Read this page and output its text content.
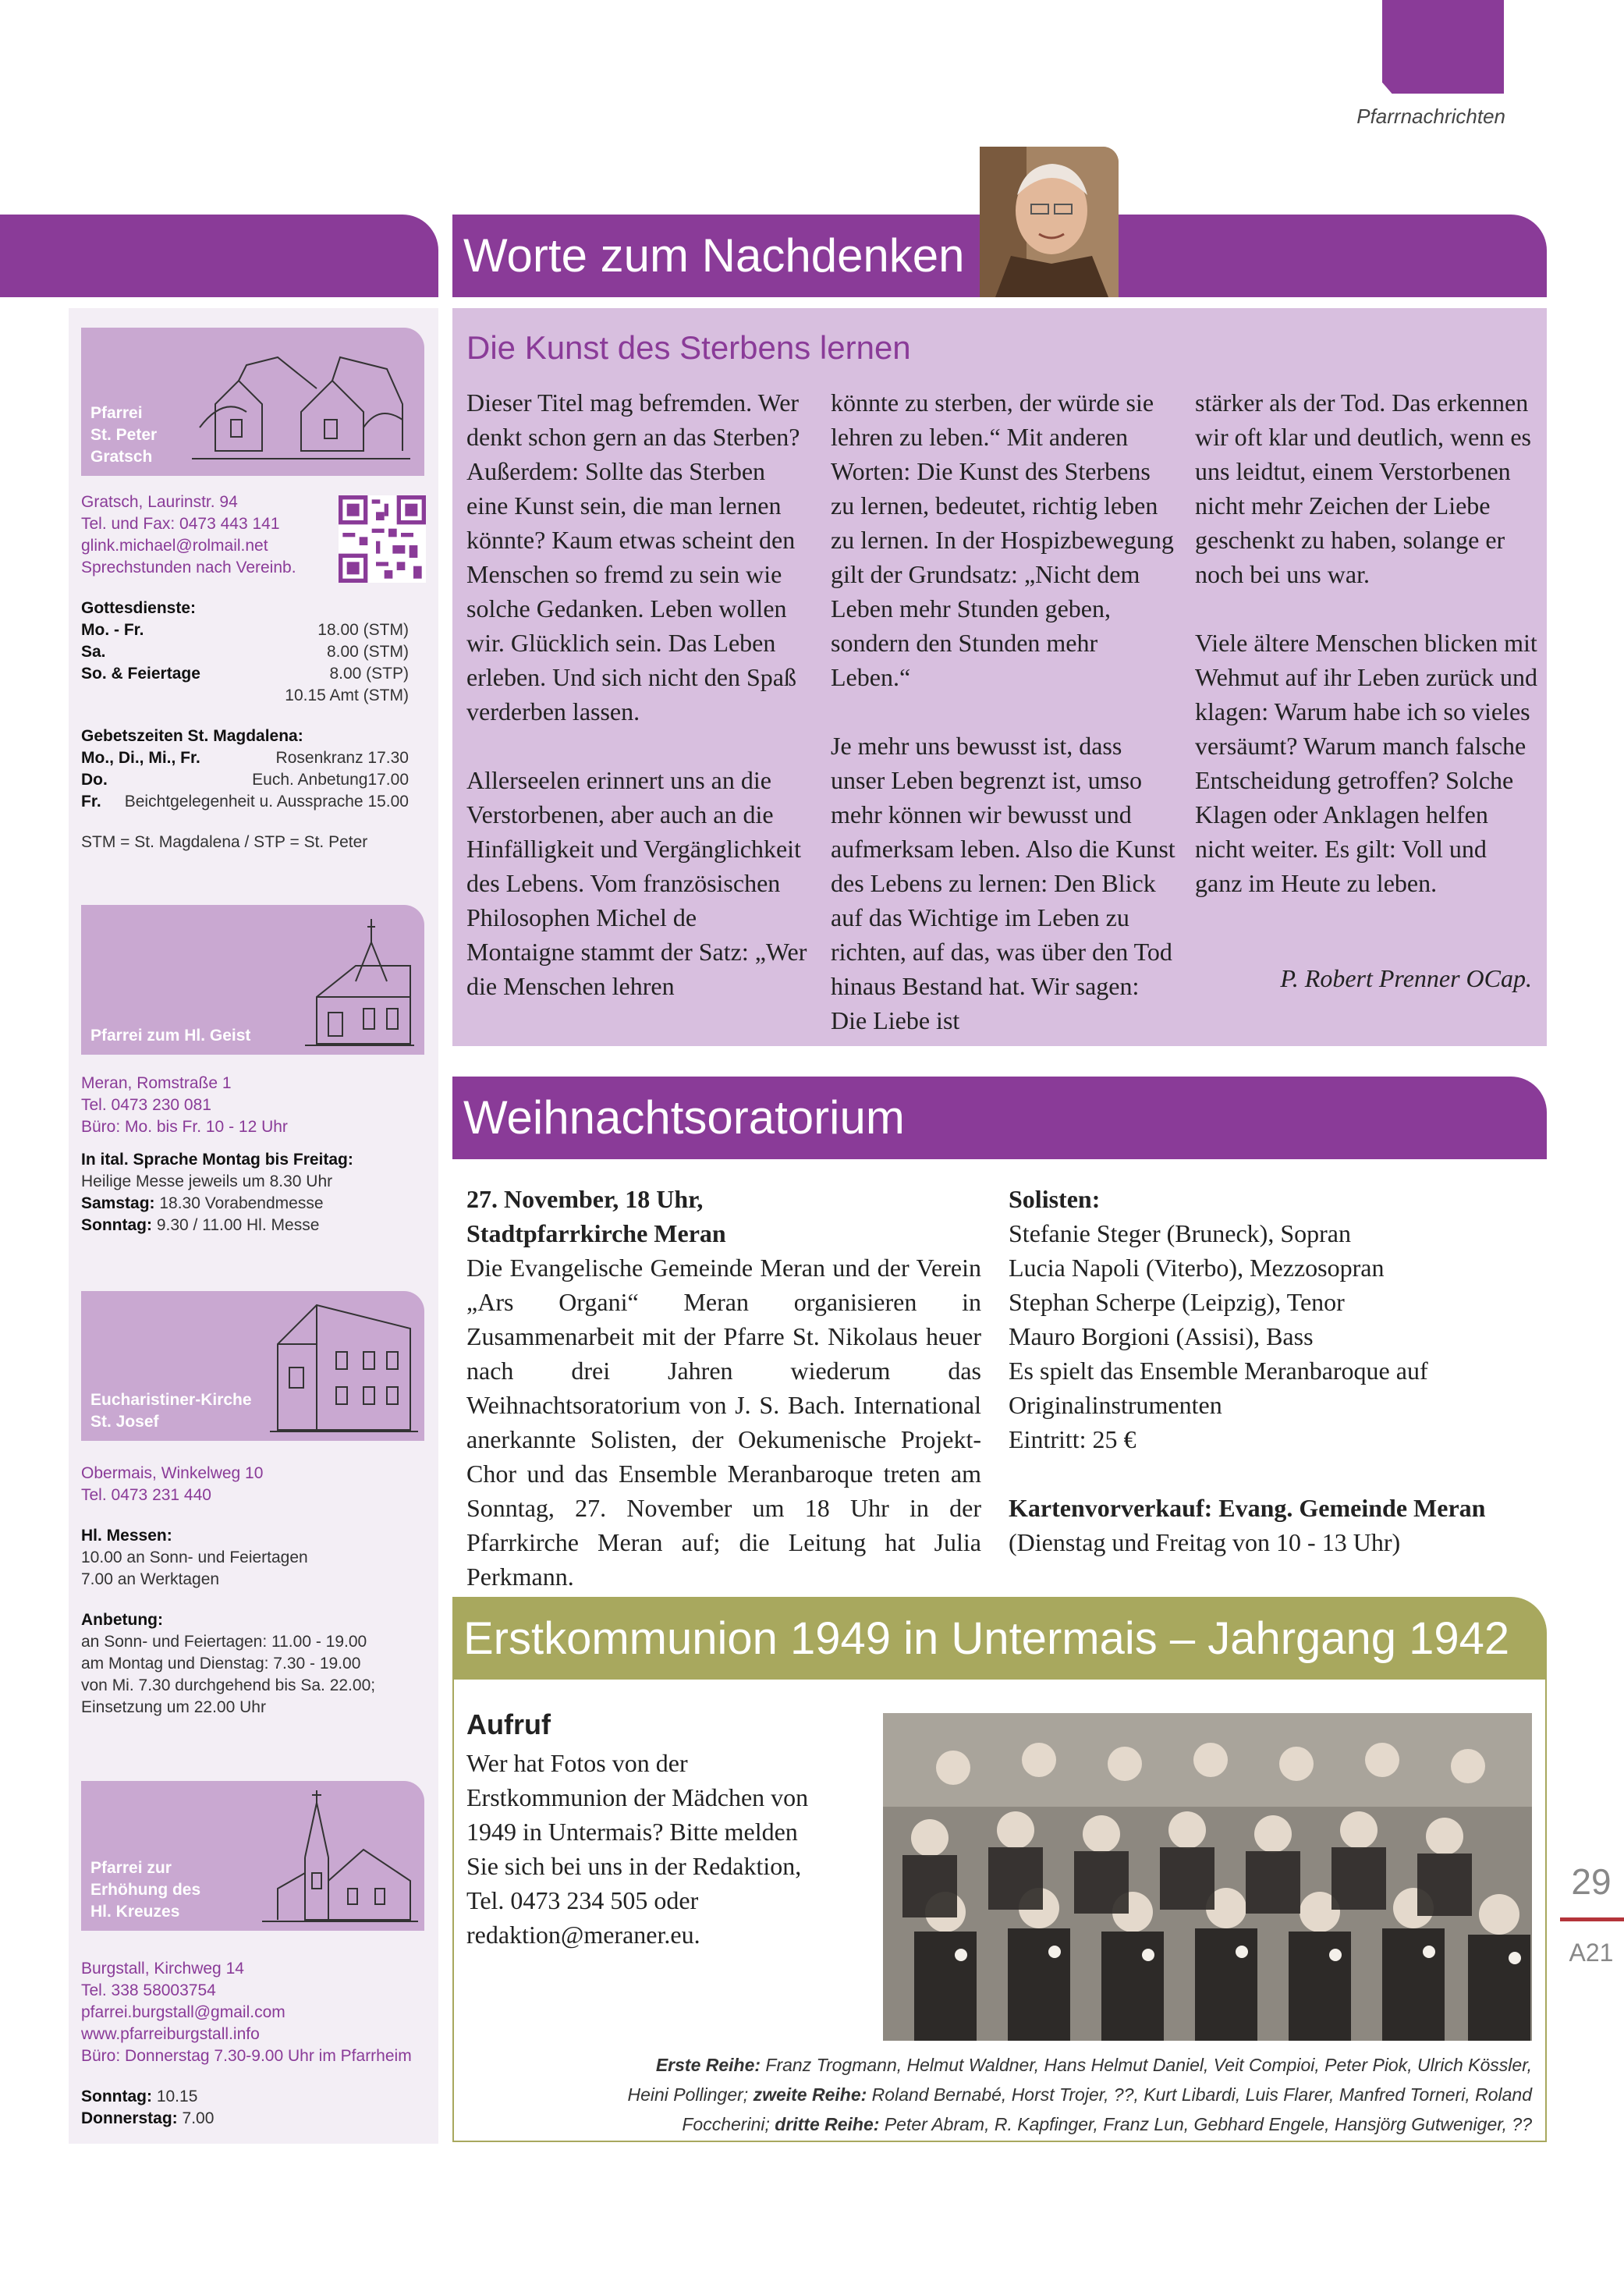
Pfarrnachrichten
Pfarrei
St. Peter
Gratsch
Gratsch, Laurinstr. 94
Tel. und Fax: 0473 443 141
glink.michael@rolmail.net
Sprechstunden nach Vereinb.
Gottesdienste:
Mo. - Fr.	18.00 (STM)
Sa.	8.00 (STM)
So. & Feiertage	8.00 (STP)
10.15 Amt (STM)
Gebetszeiten St. Magdalena:
Mo., Di., Mi., Fr.	Rosenkranz 17.30
Do.	Euch. Anbetung17.00
Fr. Beichtgelegenheit u. Aussprache 15.00
STM = St. Magdalena / STP = St. Peter
Pfarrei zum Hl. Geist
Meran, Romstraße 1
Tel. 0473 230 081
Büro: Mo. bis Fr. 10 - 12 Uhr
In ital. Sprache Montag bis Freitag:
Heilige Messe jeweils um 8.30 Uhr
Samstag: 18.30 Vorabendmesse
Sonntag: 9.30 / 11.00 Hl. Messe
Eucharistiner-Kirche
St. Josef
Obermais, Winkelweg 10
Tel. 0473 231 440
Hl. Messen:
10.00 an Sonn- und Feiertagen
7.00 an Werktagen
Anbetung:
an Sonn- und Feiertagen: 11.00 - 19.00
am Montag und Dienstag: 7.30 - 19.00
von Mi. 7.30 durchgehend bis Sa. 22.00;
Einsetzung um 22.00 Uhr
Pfarrei zur
Erhöhung des
Hl. Kreuzes
Burgstall, Kirchweg 14
Tel. 338 58003754
pfarrei.burgstall@gmail.com
www.pfarreiburgstall.info
Büro: Donnerstag 7.30-9.00 Uhr im Pfarrheim
Sonntag: 10.15
Donnerstag: 7.00
Worte zum Nachdenken
Die Kunst des Sterbens lernen

Dieser Titel mag befremden. Wer denkt schon gern an das Sterben? Außerdem: Sollte das Sterben eine Kunst sein, die man lernen könnte? Kaum etwas scheint den Menschen so fremd zu sein wie solche Gedanken. Leben wollen wir. Glücklich sein. Das Leben erleben. Und sich nicht den Spaß verderben lassen.

Allerseelen erinnert uns an die Verstorbenen, aber auch an die Hinfälligkeit und Vergänglichkeit des Lebens. Vom französischen Philosophen Michel de Montaigne stammt der Satz: „Wer die Menschen lehren

könnte zu sterben, der würde sie lehren zu leben.“ Mit anderen Worten: Die Kunst des Sterbens zu lernen, bedeutet, richtig leben zu lernen. In der Hospizbewegung gilt der Grundsatz: „Nicht dem Leben mehr Stunden geben, sondern den Stunden mehr Leben.“

Je mehr uns bewusst ist, dass unser Leben begrenzt ist, umso mehr können wir bewusst und aufmerksam leben. Also die Kunst des Lebens zu lernen: Den Blick auf das Wichtige im Leben zu richten, auf das, was über den Tod hinaus Bestand hat. Wir sagen: Die Liebe ist

stärker als der Tod. Das erkennen wir oft klar und deutlich, wenn es uns leidtut, einem Verstorbenen nicht mehr Zeichen der Liebe geschenkt zu haben, solange er noch bei uns war.

Viele ältere Menschen blicken mit Wehmut auf ihr Leben zurück und klagen: Warum habe ich so vieles versäumt? Warum manch falsche Entscheidung getroffen? Solche Klagen oder Anklagen helfen nicht weiter. Es gilt: Voll und ganz im Heute zu leben.

P. Robert Prenner OCap.
Weihnachtsoratorium
27. November, 18 Uhr,
Stadtpfarrkirche Meran
Die Evangelische Gemeinde Meran und der Verein „Ars Organi“ Meran organisieren in Zusammenarbeit mit der Pfarre St. Nikolaus heuer nach drei Jahren wiederum das Weihnachtsoratorium von J. S. Bach. International anerkannte Solisten, der Oekumenische Projekt-Chor und das Ensemble Meranbaroque treten am Sonntag, 27. November um 18 Uhr in der Pfarrkirche Meran auf; die Leitung hat Julia Perkmann.
Solisten:
Stefanie Steger (Bruneck), Sopran
Lucia Napoli (Viterbo), Mezzosopran
Stephan Scherpe (Leipzig), Tenor
Mauro Borgioni (Assisi), Bass
Es spielt das Ensemble Meranbaroque auf Originalinstrumenten
Eintritt: 25 €
Kartenvorverkauf: Evang. Gemeinde Meran
(Dienstag und Freitag von 10 - 13 Uhr)
Erstkommunion 1949 in Untermais – Jahrgang 1942
Aufruf
Wer hat Fotos von der Erstkommunion der Mädchen von 1949 in Untermais? Bitte melden Sie sich bei uns in der Redaktion,
Tel. 0473 234 505 oder redaktion@meraner.eu.
Erste Reihe: Franz Trogmann, Helmut Waldner, Hans Helmut Daniel, Veit Compioi, Peter Piok, Ulrich Kössler,
Heini Pollinger; zweite Reihe: Roland Bernabé, Horst Trojer, ??, Kurt Libardi, Luis Flarer, Manfred Torneri, Roland
Foccherini; dritte Reihe: Peter Abram, R. Kapfinger, Franz Lun, Gebhard Engele, Hansjörg Gutweniger, ??
29
A21
